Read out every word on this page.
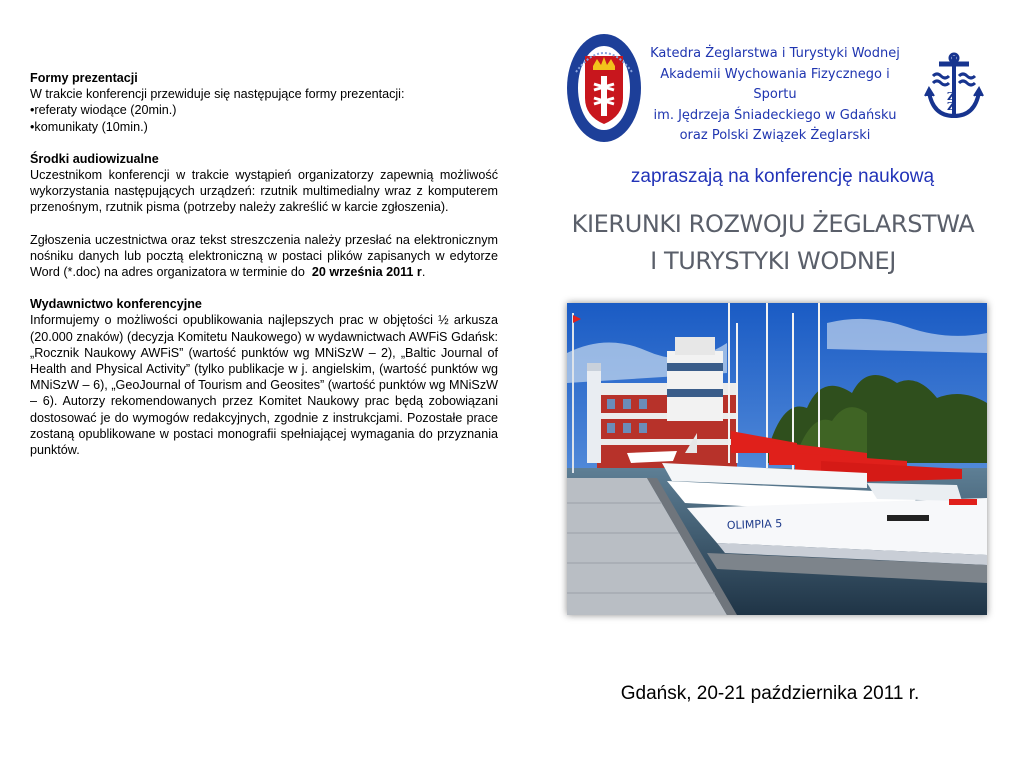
Formy prezentacji

W trakcie konferencji przewiduje się następujące formy prezentacji:

•referaty wiodące (20min.)

•komunikaty (10min.)

Środki audiowizualne

Uczestnikom konferencji w trakcie wystąpień organizatorzy zapewnią możliwość wykorzystania następujących urządzeń: rzutnik multimedialny wraz z komputerem przenośnym, rzutnik pisma (potrzeby należy zakreślić w karcie zgłoszenia).

Zgłoszenia uczestnictwa oraz tekst streszczenia należy przesłać na elektronicznym nośniku danych lub pocztą elektroniczną w postaci plików zapisanych w edytorze Word (*.doc) na adres organizatora w terminie do 20 września 2011 r.

Wydawnictwo konferencyjne

Informujemy o możliwości opublikowania najlepszych prac w objętości ½ arkusza (20.000 znaków) (decyzja Komitetu Naukowego) w wydawnictwach AWFiS Gdańsk: „Rocznik Naukowy AWFiS” (wartość punktów wg MNiSzW – 2), „Baltic Journal of Health and Physical Activity” (tylko publikacje w j. angielskim, (wartość punktów wg MNiSzW – 6), „GeoJournal of Tourism and Geosites” (wartość punktów wg MNiSzW – 6). Autorzy rekomendowanych przez Komitet Naukowy prac będą zobowiązani dostosować je do wymogów redakcyjnych, zgodnie z instrukcjami. Pozostałe prace zostaną opublikowane w postaci monografii spełniającej wymagania do przyznania punktów.

Katedra Żeglarstwa i Turystyki Wodnej
Akademii Wychowania Fizycznego i
Sportu
im. Jędrzeja Śniadeckiego w Gdańsku
oraz Polski Związek Żeglarski
Z
Z
zapraszają na konferencję naukową
KIERUNKI ROZWOJU ŻEGLARSTWA
I TURYSTYKI WODNEJ
OLIMPIA 5
Gdańsk, 20-21 października 2011 r.
